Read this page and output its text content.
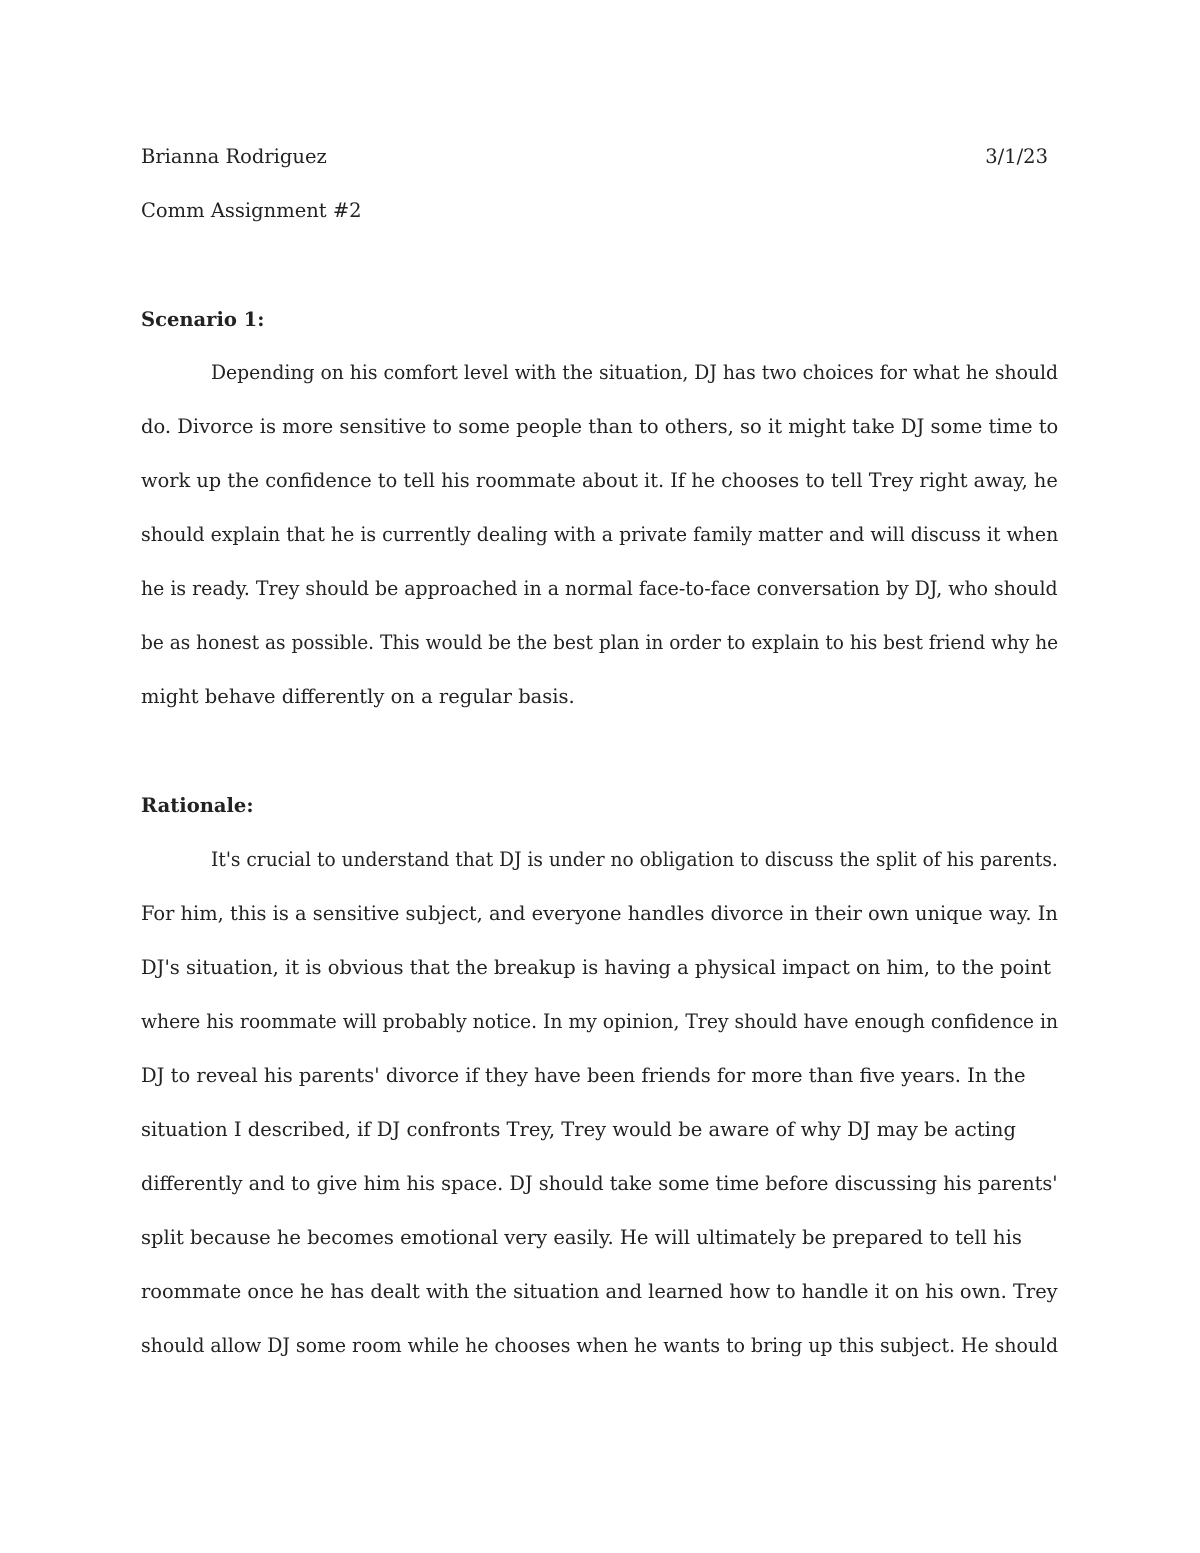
Brianna Rodriguez	3/1/23
Comm Assignment #2
Scenario 1:
Depending on his comfort level with the situation, DJ has two choices for what he should
do. Divorce is more sensitive to some people than to others, so it might take DJ some time to
work up the confidence to tell his roommate about it. If he chooses to tell Trey right away, he
should explain that he is currently dealing with a private family matter and will discuss it when
he is ready. Trey should be approached in a normal face-to-face conversation by DJ, who should
be as honest as possible. This would be the best plan in order to explain to his best friend why he
might behave differently on a regular basis.
Rationale:
It's crucial to understand that DJ is under no obligation to discuss the split of his parents.
For him, this is a sensitive subject, and everyone handles divorce in their own unique way. In
DJ's situation, it is obvious that the breakup is having a physical impact on him, to the point
where his roommate will probably notice. In my opinion, Trey should have enough confidence in
DJ to reveal his parents' divorce if they have been friends for more than five years. In the
situation I described, if DJ confronts Trey, Trey would be aware of why DJ may be acting
differently and to give him his space. DJ should take some time before discussing his parents'
split because he becomes emotional very easily. He will ultimately be prepared to tell his
roommate once he has dealt with the situation and learned how to handle it on his own. Trey
should allow DJ some room while he chooses when he wants to bring up this subject. He should
